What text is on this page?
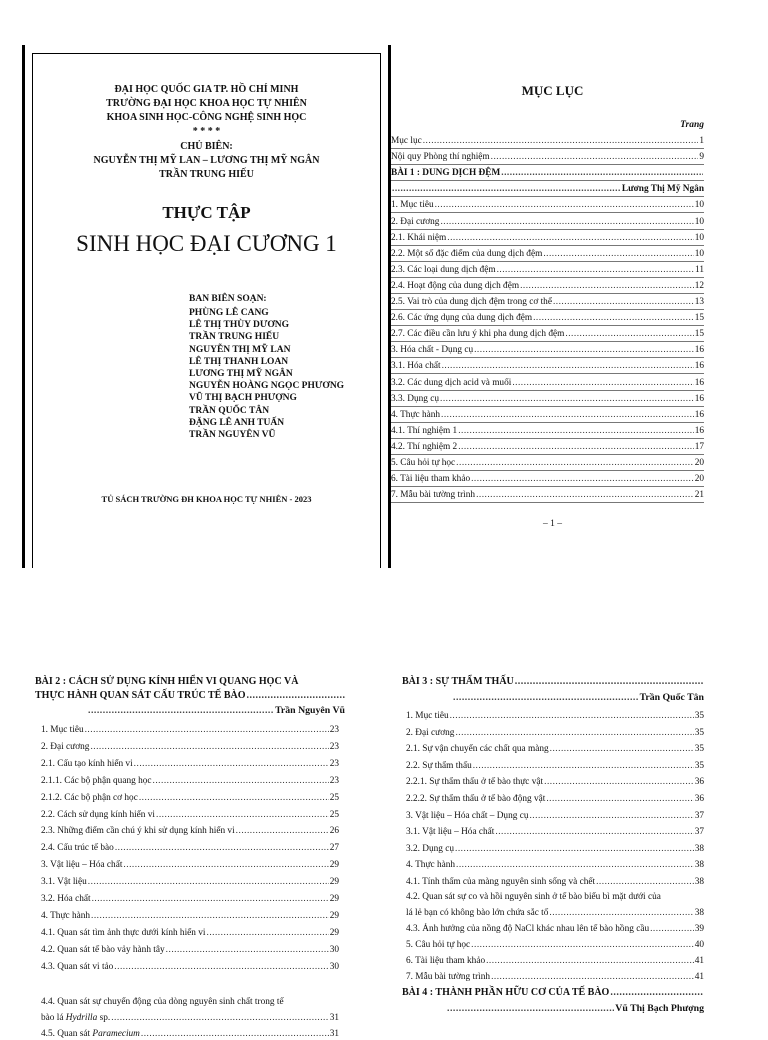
ĐẠI HỌC QUỐC GIA TP. HỒ CHÍ MINH
TRƯỜNG ĐẠI HỌC KHOA HỌC TỰ NHIÊN
KHOA SINH HỌC-CÔNG NGHỆ SINH HỌC
* * * *
CHỦ BIÊN:
NGUYỄN THỊ MỸ LAN – LƯƠNG THỊ MỸ NGÂN
TRẦN TRUNG HIẾU
THỰC TẬP
SINH HỌC ĐẠI CƯƠNG 1
BAN BIÊN SOẠN:
PHÙNG LÊ CANG
LÊ THỊ THÙY DƯƠNG
TRẦN TRUNG HIẾU
NGUYỄN THỊ MỸ LAN
LÊ THỊ THANH LOAN
LƯƠNG THỊ MỸ NGÂN
NGUYỄN HOÀNG NGỌC PHƯƠNG
VŨ THỊ BẠCH PHƯỢNG
TRẦN QUỐC TÂN
ĐẶNG LÊ ANH TUẤN
TRẦN NGUYÊN VŨ
TỦ SÁCH TRƯỜNG ĐH KHOA HỌC TỰ NHIÊN - 2023
MỤC LỤC
Trang
Mục lục .....	1
Nội quy Phòng thí nghiệm .....	9
BÀI 1 : DUNG DỊCH ĐỆM
.....
.....
Lương Thị Mỹ Ngân
1. Mục tiêu .....	10
2. Đại cương .....	10
2.1. Khái niệm .....	10
2.2. Một số đặc điểm của dung dịch đệm .....	10
2.3. Các loại dung dịch đệm .....	11
2.4. Hoạt động của dung dịch đệm .....	12
2.5. Vai trò của dung dịch đệm trong cơ thể .....	13
2.6. Các ứng dụng của dung dịch đệm .....	15
2.7. Các điều cần lưu ý khi pha dung dịch đệm .....	15
3. Hóa chất - Dụng cụ .....	16
3.1. Hóa chất .....	16
3.2. Các dung dịch acid và muối .....	16
3.3. Dụng cụ .....	16
4. Thực hành .....	16
4.1. Thí nghiệm 1 .....	16
4.2. Thí nghiệm 2 .....	17
5. Câu hỏi tự học .....	20
6. Tài liệu tham khảo .....	20
7. Mẫu bài tường trình .....	21
– 1 –
BÀI 2 : CÁCH SỬ DỤNG KÍNH HIỂN VI QUANG HỌC VÀ
THỰC HÀNH QUAN SÁT CẤU TRÚC TẾ BÀO
.....
.....
Trần Nguyên Vũ
1. Mục tiêu .....	23
2. Đại cương .....	23
2.1. Cấu tạo kính hiển vi .....	23
2.1.1. Các bộ phận quang học .....	23
2.1.2. Các bộ phận cơ học .....	25
2.2. Cách sử dụng kính hiển vi .....	25
2.3. Những điểm cần chú ý khi sử dụng kính hiển vi .....	26
2.4. Cấu trúc tế bào .....	27
3. Vật liệu – Hóa chất .....	29
3.1. Vật liệu .....	29
3.2. Hóa chất .....	29
4. Thực hành .....	29
4.1. Quan sát tìm ảnh thực dưới kính hiển vi .....	29
4.2. Quan sát tế bào vảy hành tây .....	30
4.3. Quan sát vi tảo .....	30
4.4. Quan sát sự chuyển động của dòng nguyên sinh chất trong tế
bào lá Hydrilla sp. .....	31
4.5. Quan sát Paramecium .....	31
BÀI 3 : SỰ THẨM THẤU
.....
.....
Trần Quốc Tân
1. Mục tiêu .....	35
2. Đại cương .....	35
2.1. Sự vận chuyển các chất qua màng .....	35
2.2. Sự thẩm thấu .....	35
2.2.1. Sự thẩm thấu ở tế bào thực vật .....	36
2.2.2. Sự thẩm thấu ở tế bào động vật .....	36
3. Vật liệu – Hóa chất – Dụng cụ .....	37
3.1. Vật liệu – Hóa chất .....	37
3.2. Dụng cụ .....	38
4. Thực hành .....	38
4.1. Tính thấm của màng nguyên sinh sống và chết .....	38
4.2. Quan sát sự co và hồi nguyên sinh ở tế bào biểu bì mặt dưới của
lá lẻ bạn có không bào lớn chứa sắc tố .....	38
4.3. Ảnh hưởng của nồng độ NaCl khác nhau lên tế bào hồng cầu .....	39
5. Câu hỏi tự học .....	40
6. Tài liệu tham khảo .....	41
7. Mẫu bài tường trình .....	41
BÀI 4 : THÀNH PHẦN HỮU CƠ CỦA TẾ BÀO
.....
.....
Vũ Thị Bạch Phượng
